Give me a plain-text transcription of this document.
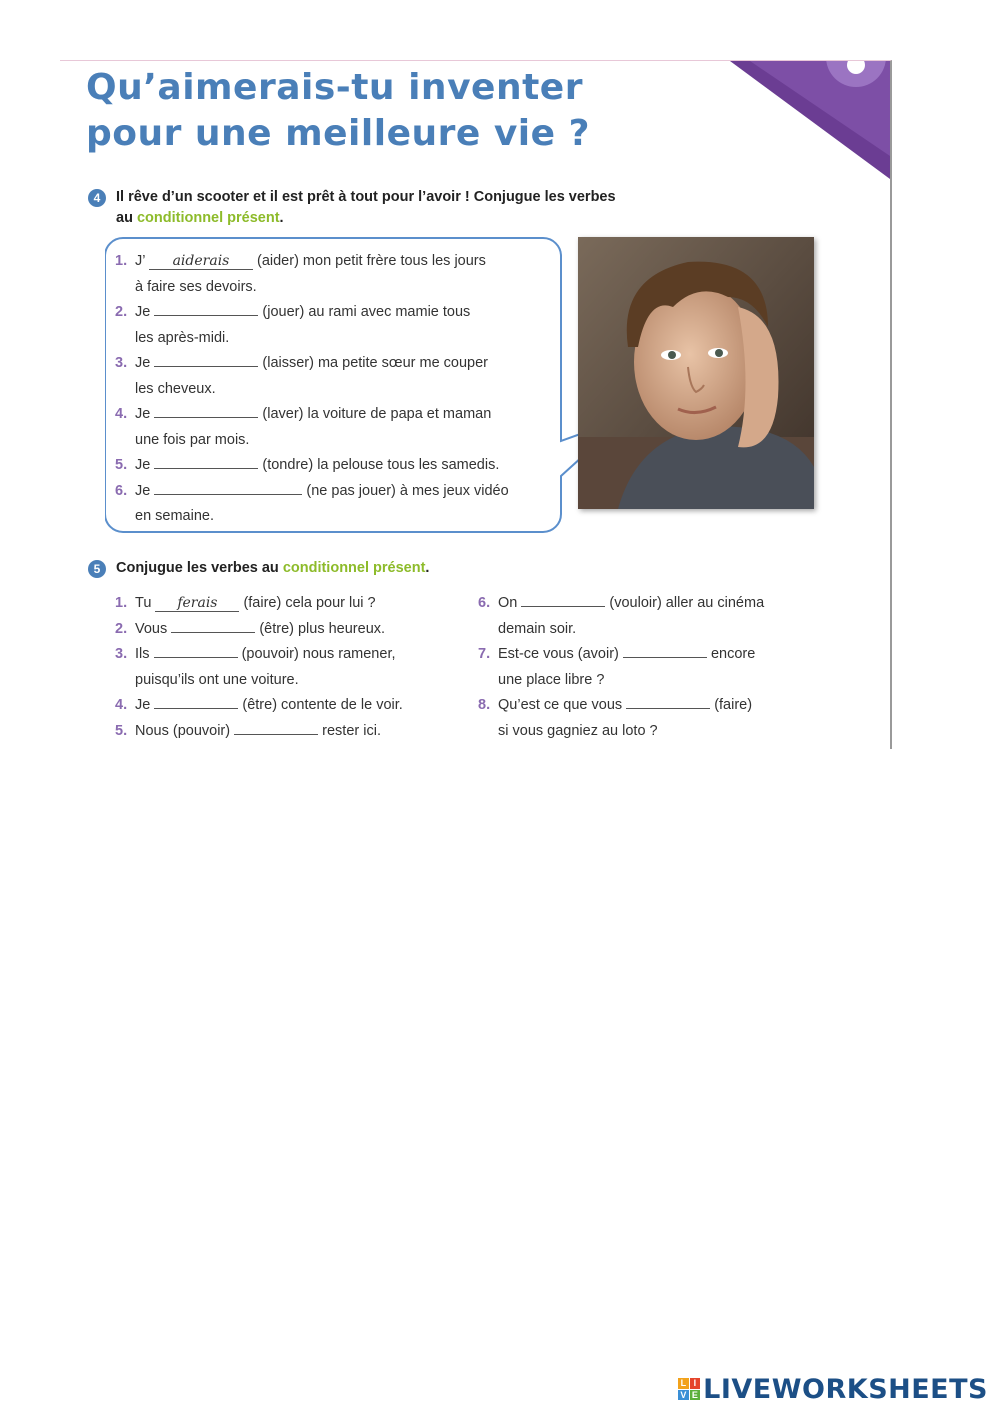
Qu’aimerais-tu inventer
pour une meilleure vie ?
4	Il rêve d’un scooter et il est prêt à tout pour l’avoir ! Conjugue les verbes
au conditionnel présent.
1. J’ aiderais (aider) mon petit frère tous les jours
à faire ses devoirs.
2. Je	(jouer) au rami avec mamie tous
les après-midi.
3. Je	(laisser) ma petite sœur me couper
les cheveux.
4. Je	(laver) la voiture de papa et maman
une fois par mois.
5. Je	(tondre) la pelouse tous les samedis.
6. Je	(ne pas jouer) à mes jeux vidéo
en semaine.
5	Conjugue les verbes au conditionnel présent.
1. Tu ferais (faire) cela pour lui ?
2. Vous	(être) plus heureux.
3. Ils	(pouvoir) nous ramener,
puisqu’ils ont une voiture.
4. Je	(être) contente de le voir.
5. Nous (pouvoir)	rester ici.
6. On	(vouloir) aller au cinéma
demain soir.
7. Est-ce vous (avoir)	encore
une place libre ?
8. Qu’est ce que vous	(faire)
si vous gagniez au loto ?
L I
V E LIVEWORKSHEETS
